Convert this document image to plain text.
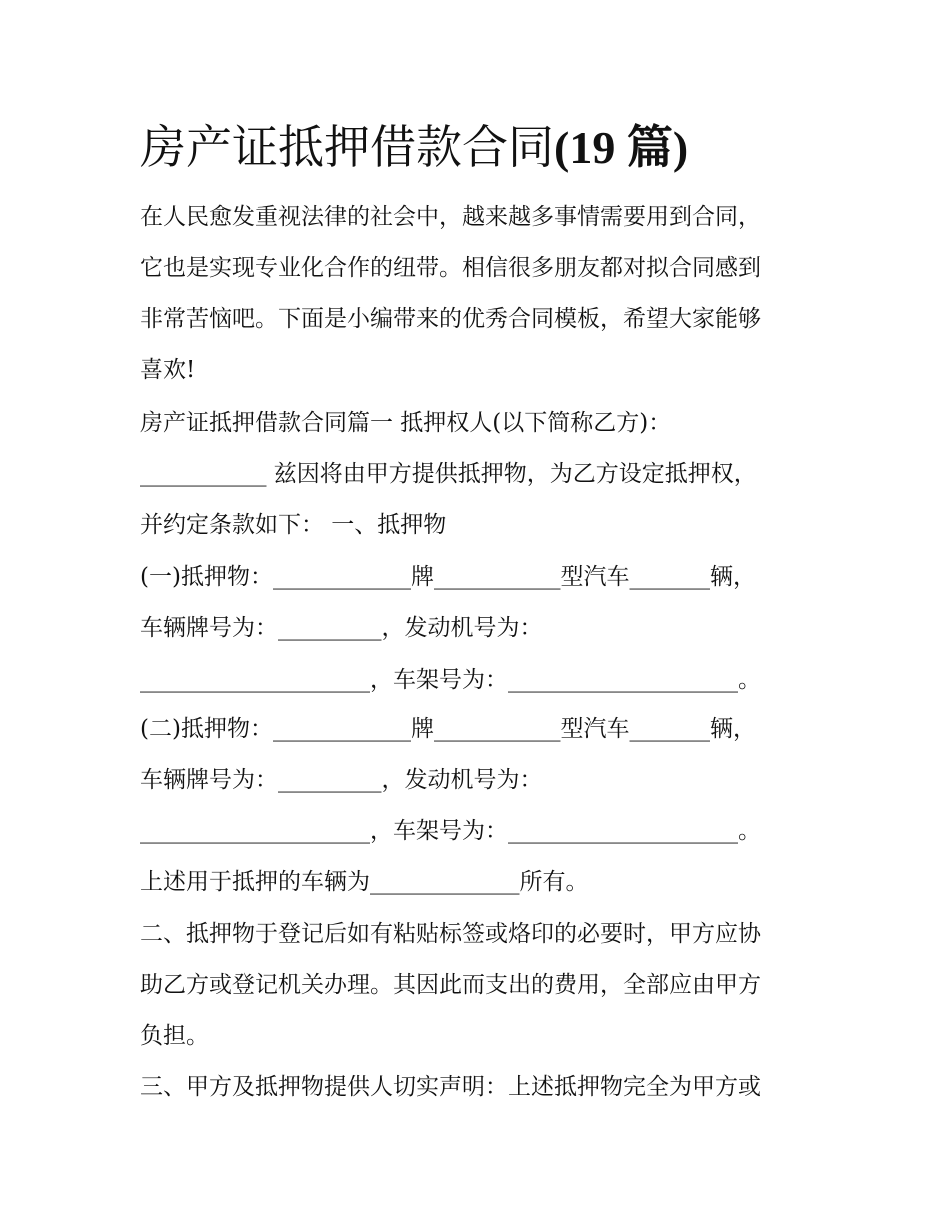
房产证抵押借款合同(19 篇)

在人民愈发重视法律的社会中，越来越多事情需要用到合同，

它也是实现专业化合作的纽带。相信很多朋友都对拟合同感到

非常苦恼吧。下面是小编带来的优秀合同模板，希望大家能够

喜欢!

房产证抵押借款合同篇一 抵押权人(以下简称乙方)：

___________ 兹因将由甲方提供抵押物，为乙方设定抵押权，

并约定条款如下： 一、抵押物

(一)抵押物：____________牌___________型汽车_______辆，

车辆牌号为：_________，发动机号为：

____________________，车架号为：____________________。

(二)抵押物：____________牌___________型汽车_______辆，

车辆牌号为：_________，发动机号为：

____________________，车架号为：____________________。

上述用于抵押的车辆为_____________所有。

二、抵押物于登记后如有粘贴标签或烙印的必要时，甲方应协

助乙方或登记机关办理。其因此而支出的费用，全部应由甲方

负担。

三、甲方及抵押物提供人切实声明：上述抵押物完全为甲方或
